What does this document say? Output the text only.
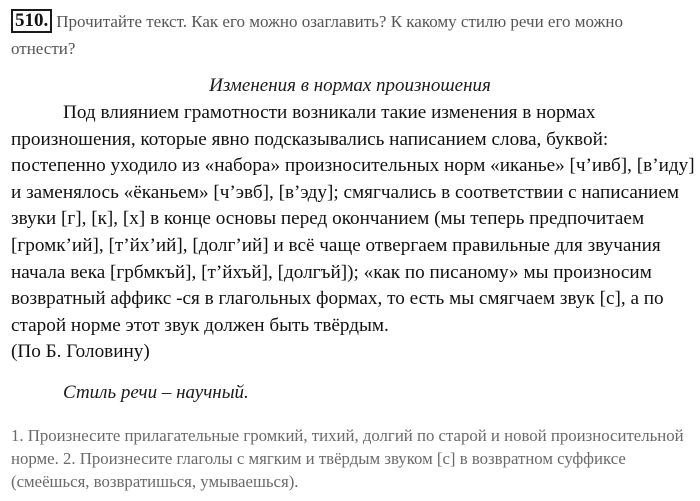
510. Прочитайте текст. Как его можно озаглавить? К какому стилю речи его можно отнести?
Изменения в нормах произношения

Под влиянием грамотности возникали такие изменения в нормах произношения, которые явно подсказывались написанием слова, буквой: постепенно уходило из «набора» произносительных норм «иканье» [ч’ивб], [в’иду] и заменялось «ёканьем» [ч’эвб], [в’эду]; смягчались в соответствии с написанием звуки [г], [к], [х] в конце основы перед окончанием (мы теперь предпочитаем [громк’ий], [т’йх’ий], [долг’ий] и всё чаще отвергаем правильные для звучания начала века [грбмкъй], [т’йхъй], [долгъй]); «как по писаному» мы произносим возвратный аффикс -ся в глагольных формах, то есть мы смягчаем звук [с], а по старой норме этот звук должен быть твёрдым.

(По Б. Головину)
Стиль речи – научный.
1. Произнесите прилагательные громкий, тихий, долгий по старой и новой произносительной норме. 2. Произнесите глаголы с мягким и твёрдым звуком [с] в возвратном суффиксе (смеёшься, возвратишься, умываешься).
